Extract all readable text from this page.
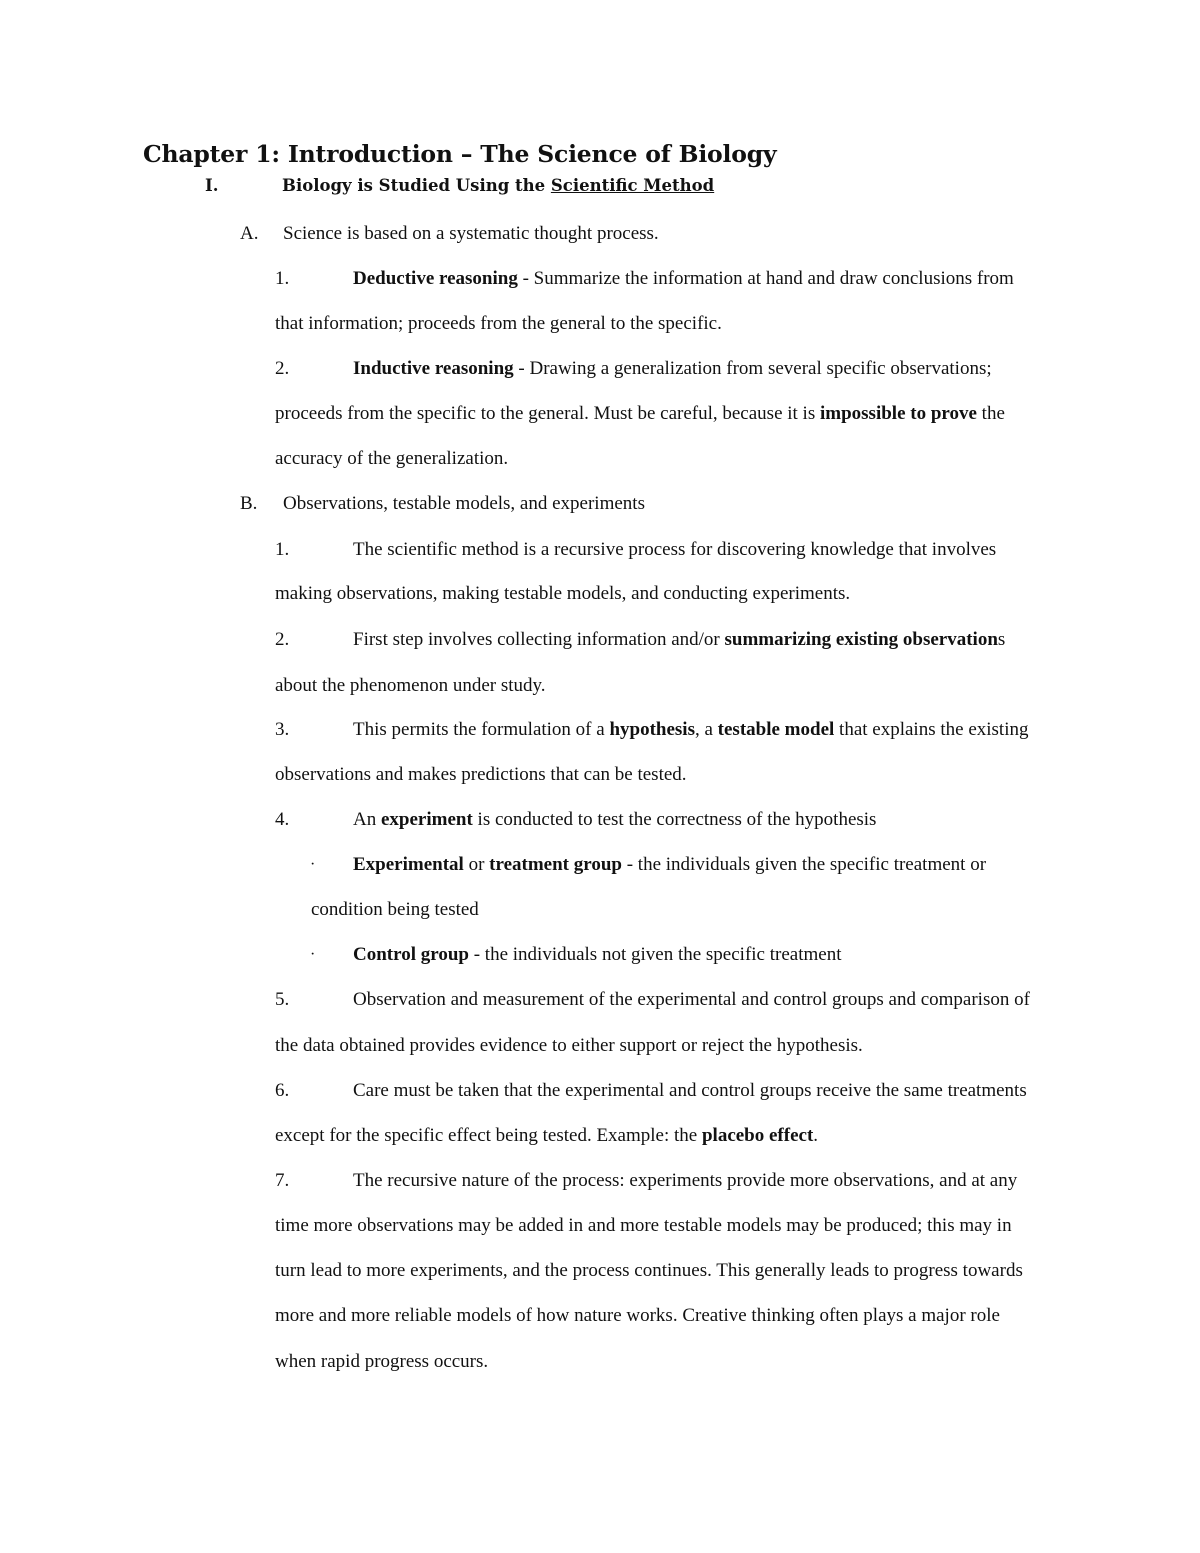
Chapter 1: Introduction – The Science of Biology
I.	Biology is Studied Using the Scientific Method
A. Science is based on a systematic thought process.
1.	Deductive reasoning - Summarize the information at hand and draw conclusions from
that information; proceeds from the general to the specific.
2.	Inductive reasoning - Drawing a generalization from several specific observations;
proceeds from the specific to the general. Must be careful, because it is impossible to prove the
accuracy of the generalization.
B. Observations, testable models, and experiments
1.	The scientific method is a recursive process for discovering knowledge that involves
making observations, making testable models, and conducting experiments.
2.	First step involves collecting information and/or summarizing existing observations
about the phenomenon under study.
3.	This permits the formulation of a hypothesis, a testable model that explains the existing
observations and makes predictions that can be tested.
4.	An experiment is conducted to test the correctness of the hypothesis
· Experimental or treatment group - the individuals given the specific treatment or
condition being tested
· Control group - the individuals not given the specific treatment
5.	Observation and measurement of the experimental and control groups and comparison of
the data obtained provides evidence to either support or reject the hypothesis.
6.	Care must be taken that the experimental and control groups receive the same treatments
except for the specific effect being tested. Example: the placebo effect.
7.	The recursive nature of the process: experiments provide more observations, and at any
time more observations may be added in and more testable models may be produced; this may in
turn lead to more experiments, and the process continues. This generally leads to progress towards
more and more reliable models of how nature works. Creative thinking often plays a major role
when rapid progress occurs.
